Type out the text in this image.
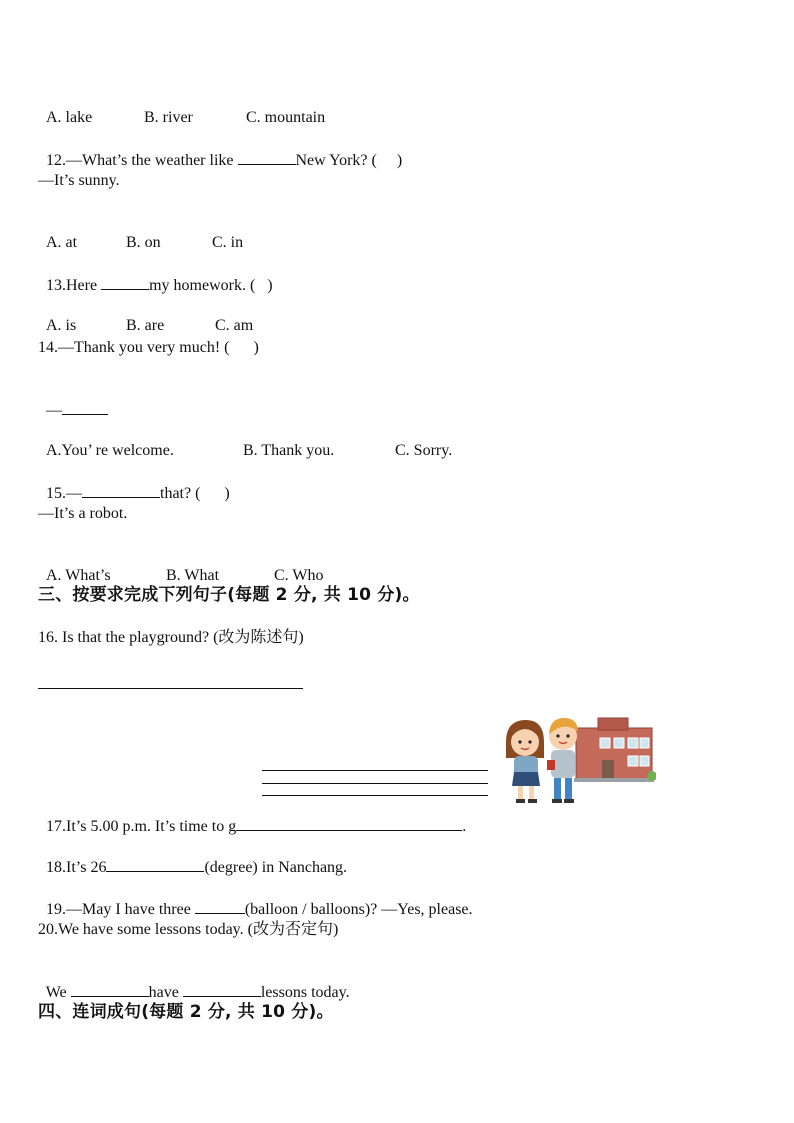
A. lake	B. river	C. mountain

12.—What’s the weather like	New York? (     )

—It’s sunny.

A. at	B. on	C. in

13.Here	my homework. (   )

A. is	B. are	C. am

14.—Thank you very much! (      )

—

A.You’ re welcome.	B. Thank you.	C. Sorry.

15.—	that? (      )

—It’s a robot.

A. What’s	B. What	C. Who

三、按要求完成下列句子(每题 2 分, 共 10 分)。
16. Is that the playground? (改为陈述句)

17.It’s 5.00 p.m. It’s time to g	.

18.It’s 26	(degree) in Nanchang.

19.—May I have three	(balloon / balloons)? —Yes, please.

20.We have some lessons today. (改为否定句)

We	have	lessons today.

四、连词成句(每题 2 分, 共 10 分)。
